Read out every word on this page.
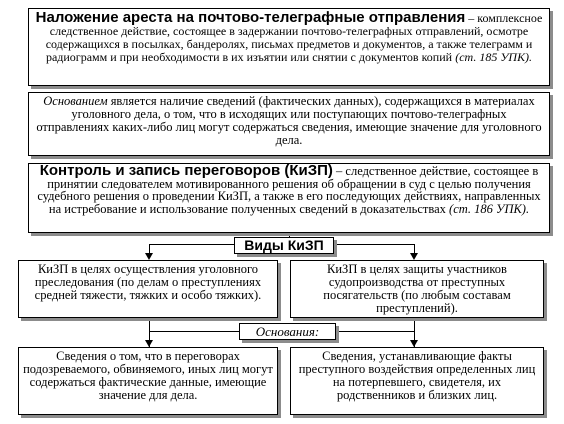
Наложение ареста на почтово-телеграфные отправления – комплексное следственное действие, состоящее в задержании почтово-телеграфных отправлений, осмотре содержащихся в посылках, бандеролях, письмах предметов и документов, а также телеграмм и радиограмм и при необходимости в их изъятии или снятии с документов копий (ст. 185 УПК).
Основанием является наличие сведений (фактических данных), содержащихся в материалах уголовного дела, о том, что в исходящих или поступающих почтово-телеграфных отправлениях каких-либо лиц могут содержаться сведения, имеющие значение для уголовного дела.
Контроль и запись переговоров (КиЗП) – следственное действие, состоящее в принятии следователем мотивированного решения об обращении в суд с целью получения судебного решения о проведении КиЗП, а также в его последующих действиях, направленных на истребование и использование полученных сведений в доказательствах (ст. 186 УПК).
Виды КиЗП
КиЗП в целях осуществления уголовного преследования (по делам о преступлениях средней тяжести, тяжких и особо тяжких).
КиЗП в целях защиты участников судопроизводства от преступных посягательств (по любым составам преступлений).
Основания:
Сведения о том, что в переговорах подозреваемого, обвиняемого, иных лиц могут содержаться фактические данные, имеющие значение для дела.
Сведения, устанавливающие факты преступного воздействия определенных лиц на потерпевшего, свидетеля, их родственников и близких лиц.
